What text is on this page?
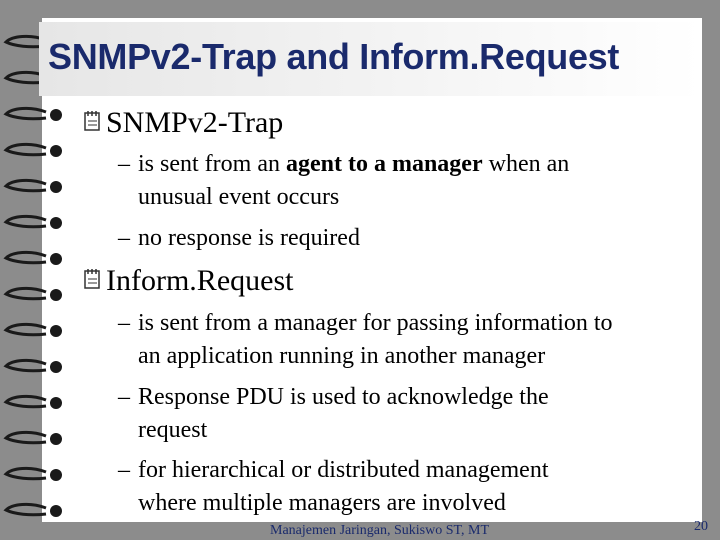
SNMPv2-Trap and Inform.Request
SNMPv2-Trap
– is sent from an agent to a manager when an
unusual event occurs
– no response is required
Inform.Request
– is sent from a manager for passing information to
an application running in another manager
– Response PDU is used to acknowledge the
request
– for hierarchical or distributed management
where multiple managers are involved
Manajemen Jaringan, Sukiswo ST, MT	20
